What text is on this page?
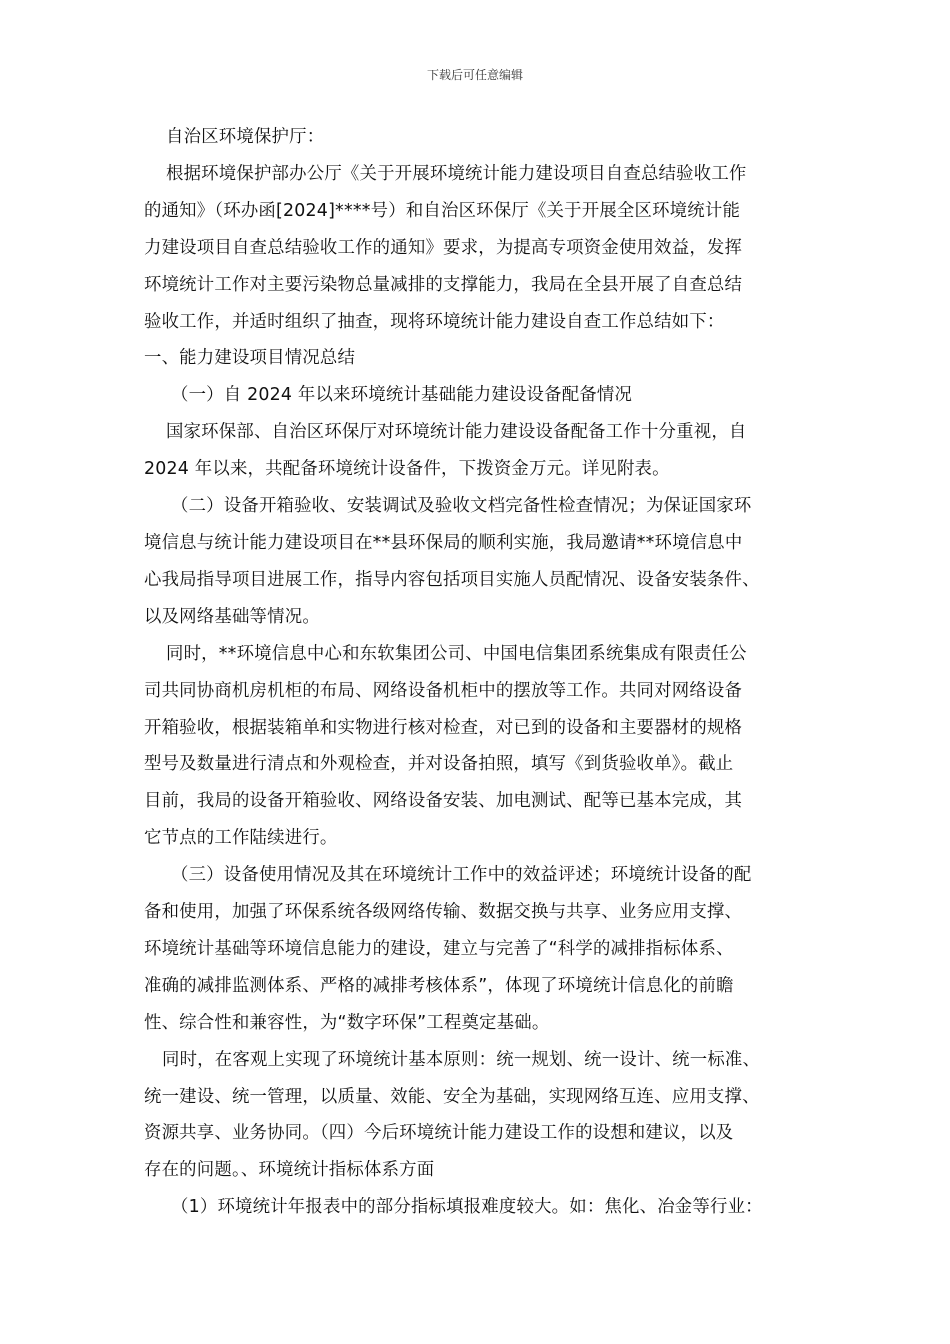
下载后可任意编辑

自治区环境保护厅：

根据环境保护部办公厅《关于开展环境统计能力建设项目自查总结验收工作

的通知》（环办函[2024]****号）和自治区环保厅《关于开展全区环境统计能

力建设项目自查总结验收工作的通知》要求，为提高专项资金使用效益，发挥

环境统计工作对主要污染物总量减排的支撑能力，我局在全县开展了自查总结

验收工作，并适时组织了抽查，现将环境统计能力建设自查工作总结如下：

一、能力建设项目情况总结

（一）自 2024 年以来环境统计基础能力建设设备配备情况

国家环保部、自治区环保厅对环境统计能力建设设备配备工作十分重视，自

2024 年以来，共配备环境统计设备件，下拨资金万元。详见附表。

（二）设备开箱验收、安装调试及验收文档完备性检查情况；为保证国家环

境信息与统计能力建设项目在**县环保局的顺利实施，我局邀请**环境信息中

心我局指导项目进展工作，指导内容包括项目实施人员配情况、设备安装条件、

以及网络基础等情况。

同时，**环境信息中心和东软集团公司、中国电信集团系统集成有限责任公

司共同协商机房机柜的布局、网络设备机柜中的摆放等工作。共同对网络设备

开箱验收，根据装箱单和实物进行核对检查，对已到的设备和主要器材的规格

型号及数量进行清点和外观检查，并对设备拍照，填写《到货验收单》。截止

目前，我局的设备开箱验收、网络设备安装、加电测试、配等已基本完成，其

它节点的工作陆续进行。

（三）设备使用情况及其在环境统计工作中的效益评述；环境统计设备的配

备和使用，加强了环保系统各级网络传输、数据交换与共享、业务应用支撑、

环境统计基础等环境信息能力的建设，建立与完善了“科学的减排指标体系、

准确的减排监测体系、严格的减排考核体系”，体现了环境统计信息化的前瞻

性、综合性和兼容性，为“数字环保”工程奠定基础。

同时，在客观上实现了环境统计基本原则：统一规划、统一设计、统一标准、

统一建设、统一管理，以质量、效能、安全为基础，实现网络互连、应用支撑、

资源共享、业务协同。（四）今后环境统计能力建设工作的设想和建议，以及

存在的问题。、环境统计指标体系方面

（1）环境统计年报表中的部分指标填报难度较大。如：焦化、冶金等行业：
